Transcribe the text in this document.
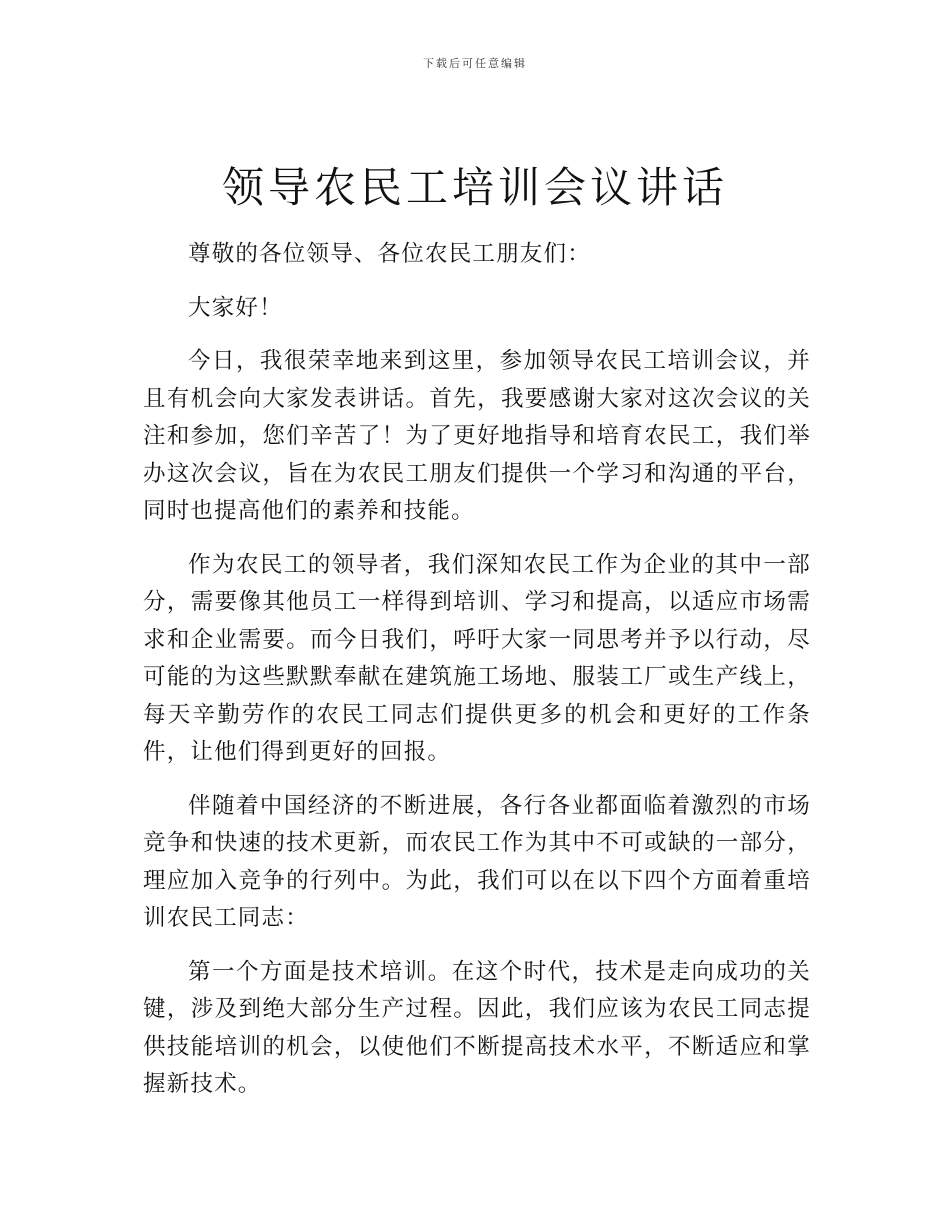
下载后可任意编辑
领导农民工培训会议讲话

尊敬的各位领导、各位农民工朋友们：

大家好！

今日，我很荣幸地来到这里，参加领导农民工培训会议，并且有机会向大家发表讲话。首先，我要感谢大家对这次会议的关注和参加，您们辛苦了！为了更好地指导和培育农民工，我们举办这次会议，旨在为农民工朋友们提供一个学习和沟通的平台，同时也提高他们的素养和技能。

作为农民工的领导者，我们深知农民工作为企业的其中一部分，需要像其他员工一样得到培训、学习和提高，以适应市场需求和企业需要。而今日我们，呼吁大家一同思考并予以行动，尽可能的为这些默默奉献在建筑施工场地、服装工厂或生产线上，每天辛勤劳作的农民工同志们提供更多的机会和更好的工作条件，让他们得到更好的回报。

伴随着中国经济的不断进展，各行各业都面临着激烈的市场竞争和快速的技术更新，而农民工作为其中不可或缺的一部分，理应加入竞争的行列中。为此，我们可以在以下四个方面着重培训农民工同志：

第一个方面是技术培训。在这个时代，技术是走向成功的关键，涉及到绝大部分生产过程。因此，我们应该为农民工同志提供技能培训的机会，以使他们不断提高技术水平，不断适应和掌握新技术。
